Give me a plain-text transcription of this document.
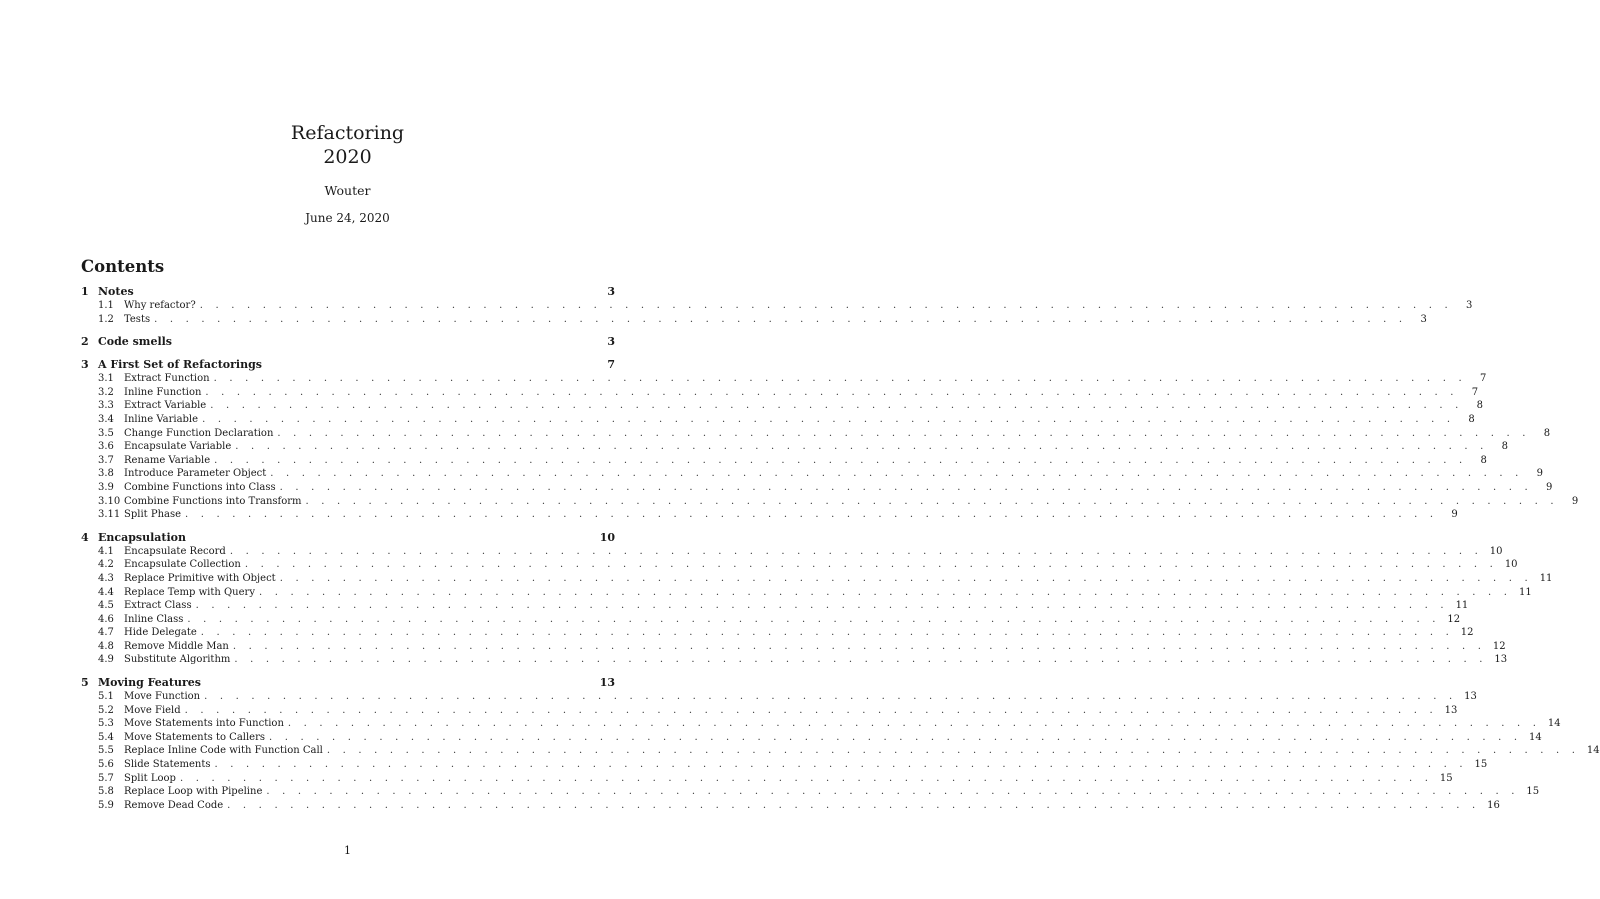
Refactoring
2020
Wouter
June 24, 2020
Contents
1 Notes	3
1.1	Why refactor? . . . . . . . . . . . . . . . . . . . . . . . . . . . . . . . . . . . . . . . . . . . . . . . . . . . . . . . . . . . . . . . . . . . . . . . . . . . . . . . .	3
1.2	Tests . . . . . . . . . . . . . . . . . . . . . . . . . . . . . . . . . . . . . . . . . . . . . . . . . . . . . . . . . . . . . . . . . . . . . . . . . . . . . . . .	3
2 Code smells	3
3 A First Set of Refactorings	7
3.1	Extract Function . . . . . . . . . . . . . . . . . . . . . . . . . . . . . . . . . . . . . . . . . . . . . . . . . . . . . . . . . . . . . . . . . . . . . . . . . . . . . . . .	7
3.2	Inline Function . . . . . . . . . . . . . . . . . . . . . . . . . . . . . . . . . . . . . . . . . . . . . . . . . . . . . . . . . . . . . . . . . . . . . . . . . . . . . . . .	7
3.3	Extract Variable . . . . . . . . . . . . . . . . . . . . . . . . . . . . . . . . . . . . . . . . . . . . . . . . . . . . . . . . . . . . . . . . . . . . . . . . . . . . . . . .	8
3.4	Inline Variable . . . . . . . . . . . . . . . . . . . . . . . . . . . . . . . . . . . . . . . . . . . . . . . . . . . . . . . . . . . . . . . . . . . . . . . . . . . . . . . .	8
3.5	Change Function Declaration . . . . . . . . . . . . . . . . . . . . . . . . . . . . . . . . . . . . . . . . . . . . . . . . . . . . . . . . . . . . . . . . . . . . . . . . . . . . . . . .	8
3.6	Encapsulate Variable . . . . . . . . . . . . . . . . . . . . . . . . . . . . . . . . . . . . . . . . . . . . . . . . . . . . . . . . . . . . . . . . . . . . . . . . . . . . . . . .	8
3.7	Rename Variable . . . . . . . . . . . . . . . . . . . . . . . . . . . . . . . . . . . . . . . . . . . . . . . . . . . . . . . . . . . . . . . . . . . . . . . . . . . . . . . .	8
3.8	Introduce Parameter Object . . . . . . . . . . . . . . . . . . . . . . . . . . . . . . . . . . . . . . . . . . . . . . . . . . . . . . . . . . . . . . . . . . . . . . . . . . . . . . . .	9
3.9	Combine Functions into Class . . . . . . . . . . . . . . . . . . . . . . . . . . . . . . . . . . . . . . . . . . . . . . . . . . . . . . . . . . . . . . . . . . . . . . . . . . . . . . . .	9
3.10 Combine Functions into Transform . . . . . . . . . . . . . . . . . . . . . . . . . . . . . . . . . . . . . . . . . . . . . . . . . . . . . . . . . . . . . . . . . . . . . . . . . . . . . . . .	9
3.11 Split Phase . . . . . . . . . . . . . . . . . . . . . . . . . . . . . . . . . . . . . . . . . . . . . . . . . . . . . . . . . . . . . . . . . . . . . . . . . . . . . . . .	9
4 Encapsulation	10
4.1	Encapsulate Record . . . . . . . . . . . . . . . . . . . . . . . . . . . . . . . . . . . . . . . . . . . . . . . . . . . . . . . . . . . . . . . . . . . . . . . . . . . . . . . . 10
4.2	Encapsulate Collection . . . . . . . . . . . . . . . . . . . . . . . . . . . . . . . . . . . . . . . . . . . . . . . . . . . . . . . . . . . . . . . . . . . . . . . . . . . . . . . . 10
4.3	Replace Primitive with Object . . . . . . . . . . . . . . . . . . . . . . . . . . . . . . . . . . . . . . . . . . . . . . . . . . . . . . . . . . . . . . . . . . . . . . . . . . . . . . . . 11
4.4	Replace Temp with Query . . . . . . . . . . . . . . . . . . . . . . . . . . . . . . . . . . . . . . . . . . . . . . . . . . . . . . . . . . . . . . . . . . . . . . . . . . . . . . . . 11
4.5	Extract Class . . . . . . . . . . . . . . . . . . . . . . . . . . . . . . . . . . . . . . . . . . . . . . . . . . . . . . . . . . . . . . . . . . . . . . . . . . . . . . . . 11
4.6	Inline Class . . . . . . . . . . . . . . . . . . . . . . . . . . . . . . . . . . . . . . . . . . . . . . . . . . . . . . . . . . . . . . . . . . . . . . . . . . . . . . . . 12
4.7	Hide Delegate . . . . . . . . . . . . . . . . . . . . . . . . . . . . . . . . . . . . . . . . . . . . . . . . . . . . . . . . . . . . . . . . . . . . . . . . . . . . . . . . 12
4.8	Remove Middle Man . . . . . . . . . . . . . . . . . . . . . . . . . . . . . . . . . . . . . . . . . . . . . . . . . . . . . . . . . . . . . . . . . . . . . . . . . . . . . . . . 12
4.9	Substitute Algorithm . . . . . . . . . . . . . . . . . . . . . . . . . . . . . . . . . . . . . . . . . . . . . . . . . . . . . . . . . . . . . . . . . . . . . . . . . . . . . . . . 13
5 Moving Features	13
5.1	Move Function . . . . . . . . . . . . . . . . . . . . . . . . . . . . . . . . . . . . . . . . . . . . . . . . . . . . . . . . . . . . . . . . . . . . . . . . . . . . . . . . 13
5.2	Move Field . . . . . . . . . . . . . . . . . . . . . . . . . . . . . . . . . . . . . . . . . . . . . . . . . . . . . . . . . . . . . . . . . . . . . . . . . . . . . . . . 13
5.3	Move Statements into Function . . . . . . . . . . . . . . . . . . . . . . . . . . . . . . . . . . . . . . . . . . . . . . . . . . . . . . . . . . . . . . . . . . . . . . . . . . . . . . . . 14
5.4	Move Statements to Callers . . . . . . . . . . . . . . . . . . . . . . . . . . . . . . . . . . . . . . . . . . . . . . . . . . . . . . . . . . . . . . . . . . . . . . . . . . . . . . . . 14
5.5	Replace Inline Code with Function Call . . . . . . . . . . . . . . . . . . . . . . . . . . . . . . . . . . . . . . . . . . . . . . . . . . . . . . . . . . . . . . . . . . . . . . . . . . . . . . . . 14
5.6	Slide Statements . . . . . . . . . . . . . . . . . . . . . . . . . . . . . . . . . . . . . . . . . . . . . . . . . . . . . . . . . . . . . . . . . . . . . . . . . . . . . . . . 15
5.7	Split Loop . . . . . . . . . . . . . . . . . . . . . . . . . . . . . . . . . . . . . . . . . . . . . . . . . . . . . . . . . . . . . . . . . . . . . . . . . . . . . . . . 15
5.8	Replace Loop with Pipeline . . . . . . . . . . . . . . . . . . . . . . . . . . . . . . . . . . . . . . . . . . . . . . . . . . . . . . . . . . . . . . . . . . . . . . . . . . . . . . . . 15
5.9	Remove Dead Code . . . . . . . . . . . . . . . . . . . . . . . . . . . . . . . . . . . . . . . . . . . . . . . . . . . . . . . . . . . . . . . . . . . . . . . . . . . . . . . . 16
1
